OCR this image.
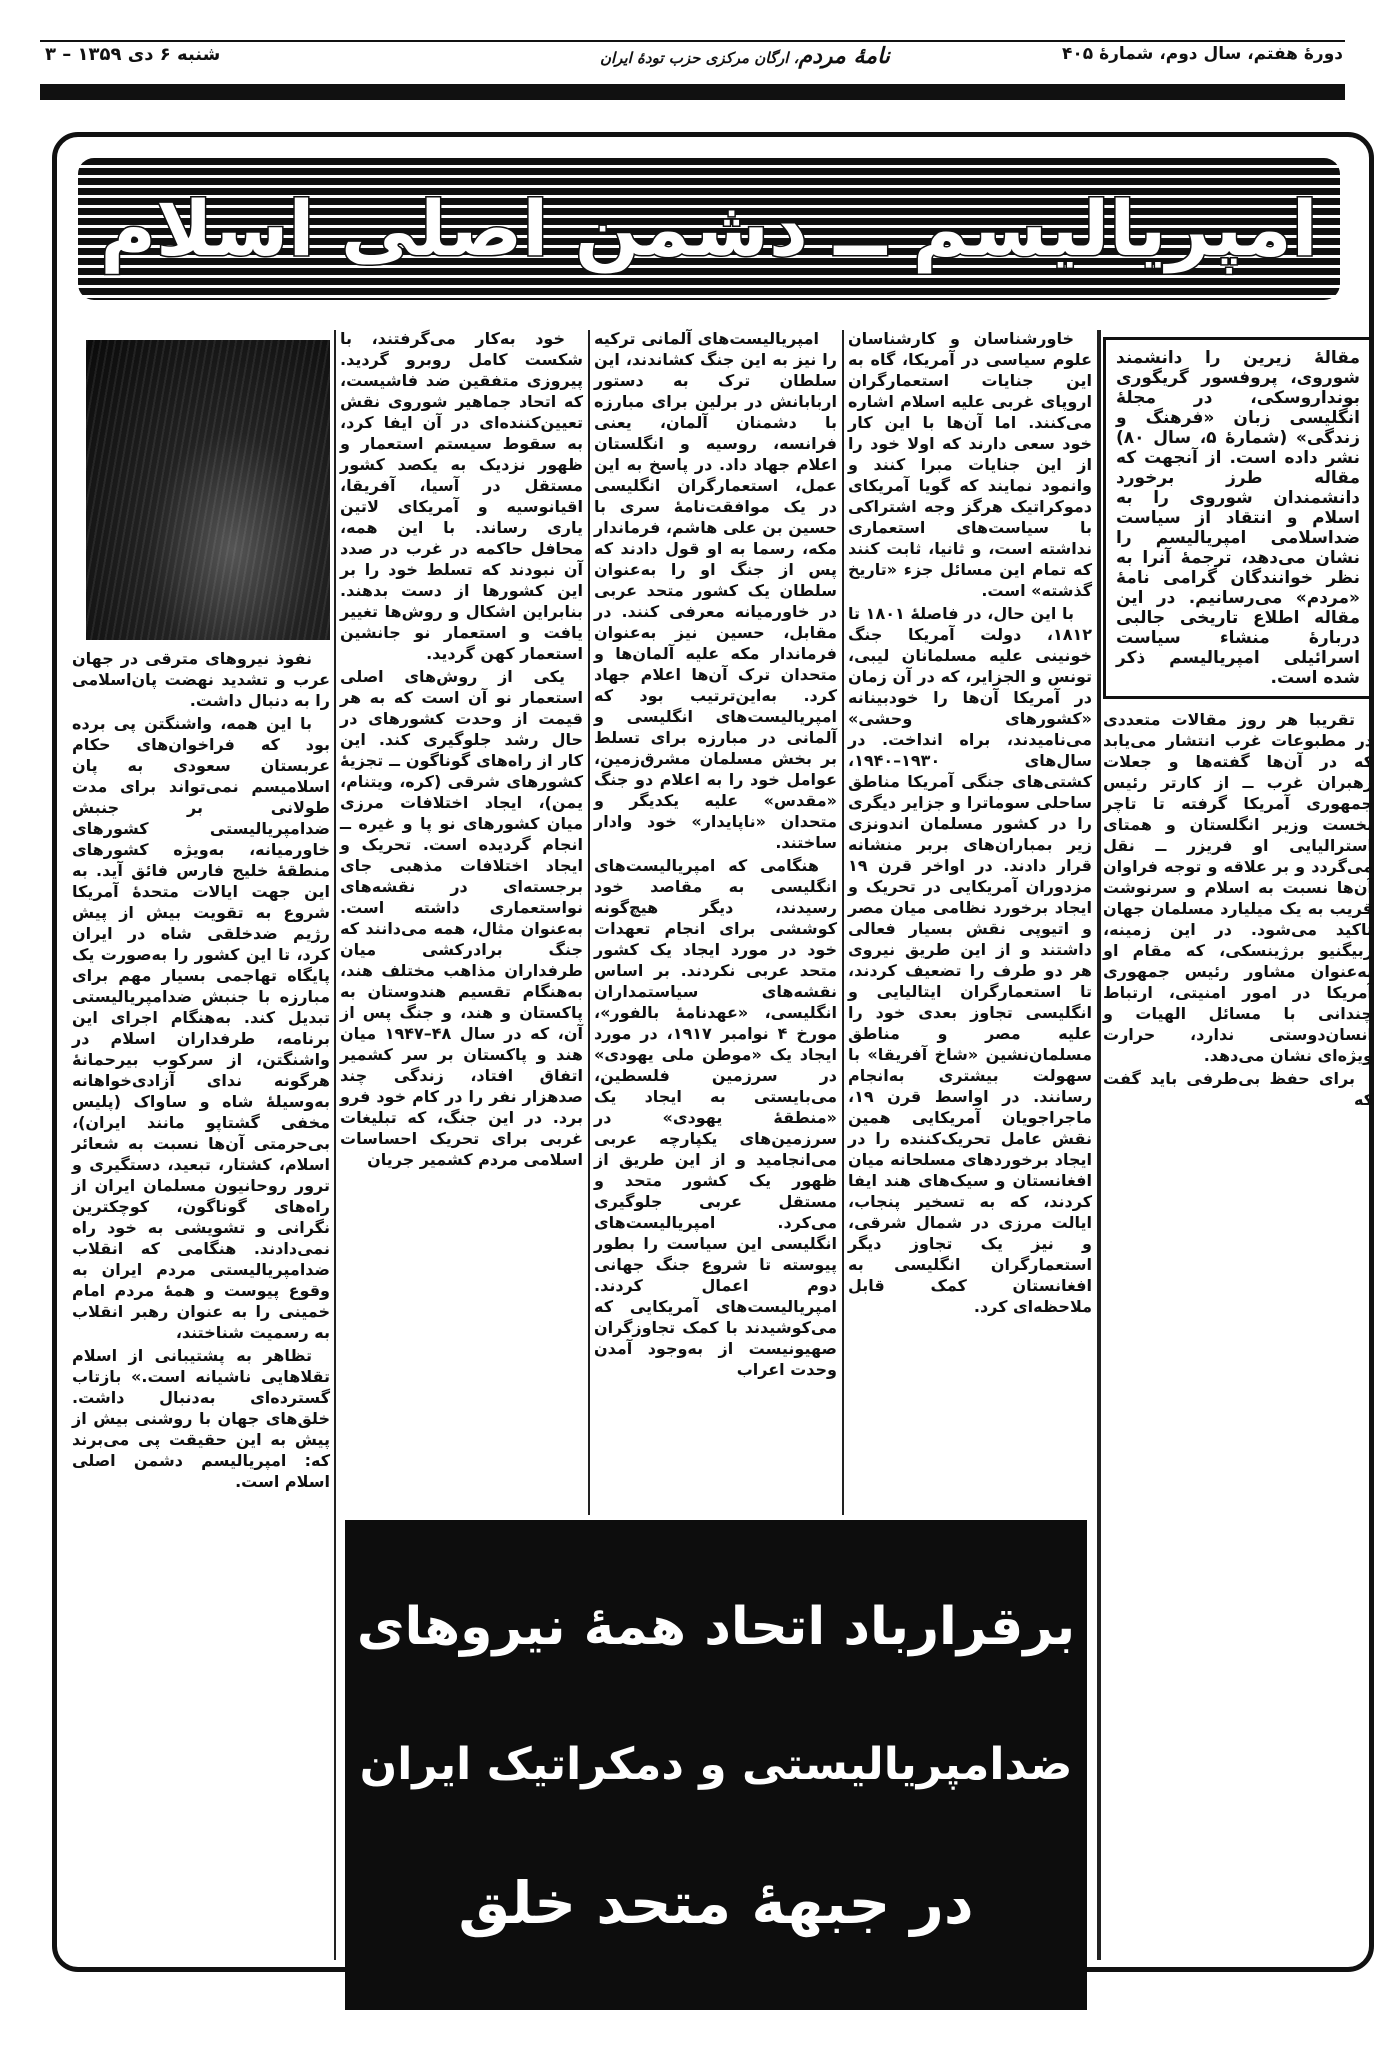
دورهٔ هفتم، سال دوم، شمارهٔ ۴۰۵
نامهٔ مردم، ارگان مرکزی حزب تودهٔ ایران
شنبه ۶ دی ۱۳۵۹ – ۳
امپریالیسم ــ دشمن اصلی اسلام
مقالهٔ زیرین را دانشمند شوروی، پروفسور گریگوری بونداروسکی، در مجلهٔ انگلیسی زبان «فرهنگ و زندگی» (شمارهٔ ۵، سال ۸۰) نشر داده است. از آنجهت که مقاله طرز برخورد دانشمندان شوروی را به اسلام و انتقاد از سیاست ضداسلامی امپریالیسم را نشان می‌دهد، ترجمهٔ آنرا به نظر خوانندگان گرامی نامهٔ «مردم» می‌رسانیم. در این مقاله اطلاع تاریخی جالبی دربارهٔ منشاء سیاست اسرائیلی امپریالیسم ذکر شده است.

تقریبا هر روز مقالات متعددی در مطبوعات غرب انتشار می‌یابد که در آن‌ها گفته‌ها و جعلات رهبران غرب ــ از کارتر رئیس جمهوری آمریکا گرفته تا تاچر نخست وزیر انگلستان و همتای استرالیایی او فریزر ــ نقل می‌گردد و بر علاقه و توجه فراوان آن‌ها نسبت به اسلام و سرنوشت قریب به یک میلیارد مسلمان جهان تاکید می‌شود. در این زمینه، زبیگنیو برژینسکی، که مقام او به‌عنوان مشاور رئیس جمهوری آمریکا در امور امنیتی، ارتباط چندانی با مسائل الهیات و انسان‌دوستی ندارد، حرارت ویژه‌ای نشان می‌دهد.

برای حفظ بی‌طرفی باید گفت که

خاورشناسان و کارشناسان علوم سیاسی در آمریکا، گاه به این جنایات استعمارگران اروپای غربی علیه اسلام اشاره می‌کنند. اما آن‌ها با این کار خود سعی دارند که اولا خود را از این جنایات مبرا کنند و وانمود نمایند که گویا آمریکای دموکراتیک هرگز وجه اشتراکی با سیاست‌های استعماری نداشته است، و ثانیا، ثابت کنند که تمام این مسائل جزء «تاریخ گذشته» است.

با این حال، در فاصلهٔ ۱۸۰۱ تا ۱۸۱۲، دولت آمریکا جنگ خونینی علیه مسلمانان لیبی، تونس و الجزایر، که در آن زمان در آمریکا آن‌ها را خودبینانه «کشورهای وحشی» می‌نامیدند، براه انداخت. در سال‌های ۱۹۳۰–۱۹۴۰، کشتی‌های جنگی آمریکا مناطق ساحلی سوماترا و جزایر دیگری را در کشور مسلمان اندونزی زیر بمباران‌های بربر منشانه قرار دادند. در اواخر قرن ۱۹ مزدوران آمریکایی در تحریک و ایجاد برخورد نظامی میان مصر و اتیوپی نقش بسیار فعالی داشتند و از این طریق نیروی هر دو طرف را تضعیف کردند، تا استعمارگران ایتالیایی و انگلیسی تجاوز بعدی خود را علیه مصر و مناطق مسلمان‌نشین «شاخ آفریقا» با سهولت بیشتری به‌انجام رسانند. در اواسط قرن ۱۹، ماجراجویان آمریکایی همین نقش عامل تحریک‌کننده را در ایجاد برخوردهای مسلحانه میان افغانستان و سیک‌های هند ایفا کردند، که به تسخیر پنجاب، ایالت مرزی در شمال شرقی، و نیز یک تجاوز دیگر استعمارگران انگلیسی به افغانستان کمک قابل ملاحظه‌ای کرد.

امپریالیست‌های آلمانی ترکیه را نیز به این جنگ کشاندند، این سلطان ترک به دستور اربابانش در برلین برای مبارزه با دشمنان آلمان، یعنی فرانسه، روسیه و انگلستان اعلام جهاد داد. در پاسخ به این عمل، استعمارگران انگلیسی در یک موافقت‌نامهٔ سری با حسین بن علی هاشم، فرماندار مکه، رسما به او قول دادند که پس از جنگ او را به‌عنوان سلطان یک کشور متحد عربی در خاورمیانه معرفی کنند. در مقابل، حسین نیز به‌عنوان فرماندار مکه علیه آلمان‌ها و متحدان ترک آن‌ها اعلام جهاد کرد. به‌این‌ترتیب بود که امپریالیست‌های انگلیسی و آلمانی در مبارزه برای تسلط بر بخش مسلمان مشرق‌زمین، عوامل خود را به اعلام دو جنگ «مقدس» علیه یکدیگر و متحدان «ناپایدار» خود وادار ساختند.

هنگامی که امپریالیست‌های انگلیسی به مقاصد خود رسیدند، دیگر هیچ‌گونه کوششی برای انجام تعهدات خود در مورد ایجاد یک کشور متحد عربی نکردند. بر اساس نقشه‌های سیاستمداران انگلیسی، «عهدنامهٔ بالفور»، مورخ ۴ نوامبر ۱۹۱۷، در مورد ایجاد یک «موطن ملی یهودی» در سرزمین فلسطین، می‌بایستی به ایجاد یک «منطقهٔ یهودی» در سرزمین‌های یکپارچه عربی می‌انجامید و از این طریق از ظهور یک کشور متحد و مستقل عربی جلوگیری می‌کرد. امپریالیست‌های انگلیسی این سیاست را بطور پیوسته تا شروع جنگ جهانی دوم اعمال کردند. امپریالیست‌های آمریکایی که می‌کوشیدند با کمک تجاوزگران صهیونیست از به‌وجود آمدن وحدت اعراب

خود به‌کار می‌گرفتند، با شکست کامل روبرو گردید. پیروزی متفقین ضد فاشیست، که اتحاد جماهیر شوروی نقش تعیین‌کننده‌ای در آن ایفا کرد، به سقوط سیستم استعمار و ظهور نزدیک به یکصد کشور مستقل در آسیا، آفریقا، اقیانوسیه و آمریکای لاتین یاری رساند. با این همه، محافل حاکمه در غرب در صدد آن نبودند که تسلط خود را بر این کشورها از دست بدهند. بنابراین اشکال و روش‌ها تغییر یافت و استعمار نو جانشین استعمار کهن گردید.

یکی از روش‌های اصلی استعمار نو آن است که به هر قیمت از وحدت کشورهای در حال رشد جلوگیری کند. این کار از راه‌های گوناگون ــ تجزیهٔ کشورهای شرقی (کره، ویتنام، یمن)، ایجاد اختلافات مرزی میان کشورهای نو پا و غیره ــ انجام گردیده است. تحریک و ایجاد اختلافات مذهبی جای برجسته‌ای در نقشه‌های نواستعماری داشته است. به‌عنوان مثال، همه می‌دانند که جنگ برادرکشی میان طرفداران مذاهب مختلف هند، به‌هنگام تقسیم هندوستان به پاکستان و هند، و جنگ پس از آن، که در سال ۴۸–۱۹۴۷ میان هند و پاکستان بر سر کشمیر اتفاق افتاد، زندگی چند صدهزار نفر را در کام خود فرو برد. در این جنگ، که تبلیغات غربی برای تحریک احساسات اسلامی مردم کشمیر جریان

نفوذ نیروهای مترقی در جهان عرب و تشدید نهضت پان‌اسلامی را به دنبال داشت.

با این همه، واشنگتن پی برده بود که فراخوان‌های حکام عربستان سعودی به پان اسلامیسم نمی‌تواند برای مدت طولانی بر جنبش ضدامپریالیستی کشورهای خاورمیانه، به‌ویژه کشورهای منطقهٔ خلیج فارس فائق آید. به این جهت ایالات متحدهٔ آمریکا شروع به تقویت بیش از پیش رژیم ضدخلقی شاه در ایران کرد، تا این کشور را به‌صورت یک پایگاه تهاجمی بسیار مهم برای مبارزه با جنبش ضدامپریالیستی تبدیل کند. به‌هنگام اجرای این برنامه، طرفداران اسلام در واشنگتن، از سرکوب بیرحمانهٔ هرگونه ندای آزادی‌خواهانه به‌وسیلهٔ شاه و ساواک (پلیس مخفی گشتاپو مانند ایران)، بی‌حرمتی آن‌ها نسبت به شعائر اسلام، کشتار، تبعید، دستگیری و ترور روحانیون مسلمان ایران از راه‌های گوناگون، کوچکترین نگرانی و تشویشی به خود راه نمی‌دادند. هنگامی که انقلاب ضدامپریالیستی مردم ایران به وقوع پیوست و همهٔ مردم امام خمینی را به عنوان رهبر انقلاب به رسمیت شناختند،

تظاهر به پشتیبانی از اسلام تقلاهایی ناشیانه است.» بازتاب گسترده‌ای به‌دنبال داشت. خلق‌های جهان با روشنی بیش از پیش به این حقیقت پی می‌برند که: امپریالیسم دشمن اصلی اسلام است.

برقرارباد اتحاد همهٔ نیروهای
ضدامپریالیستی و دمکراتیک ایران
در جبههٔ متحد خلق
